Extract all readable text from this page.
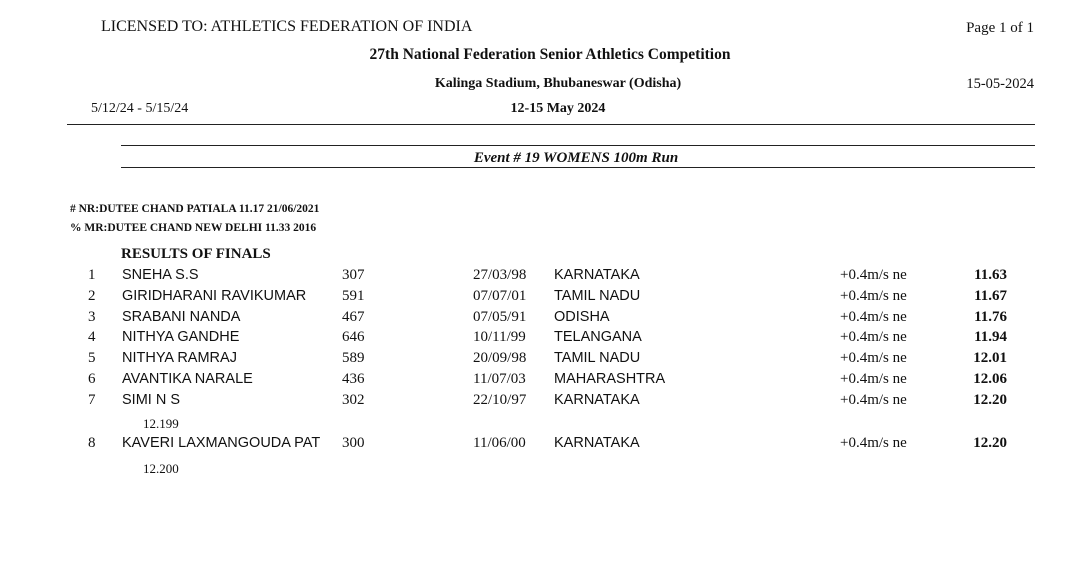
LICENSED TO: ATHLETICS FEDERATION OF INDIA	Page 1 of 1
27th National Federation Senior Athletics Competition
Kalinga Stadium, Bhubaneswar (Odisha)	15-05-2024
5/12/24 - 5/15/24	12-15 May 2024
Event # 19 WOMENS 100m Run
# NR:DUTEE CHAND PATIALA 11.17 21/06/2021
% MR:DUTEE CHAND NEW DELHI 11.33 2016
RESULTS OF FINALS
1 SNEHA S.S	307	27/03/98 KARNATAKA	+0.4m/s ne	11.63
2 GIRIDHARANI RAVIKUMAR 591	07/07/01 TAMIL NADU	+0.4m/s ne	11.67
3 SRABANI NANDA	467	07/05/91 ODISHA	+0.4m/s ne	11.76
4 NITHYA GANDHE	646	10/11/99 TELANGANA	+0.4m/s ne	11.94
5 NITHYA RAMRAJ	589	20/09/98 TAMIL NADU	+0.4m/s ne	12.01
6 AVANTIKA NARALE	436	11/07/03 MAHARASHTRA	+0.4m/s ne	12.06
7 SIMI N S	302	22/10/97 KARNATAKA	+0.4m/s ne	12.20
12.199
8 KAVERI LAXMANGOUDA PAT 300	11/06/00 KARNATAKA	+0.4m/s ne	12.20
12.200
